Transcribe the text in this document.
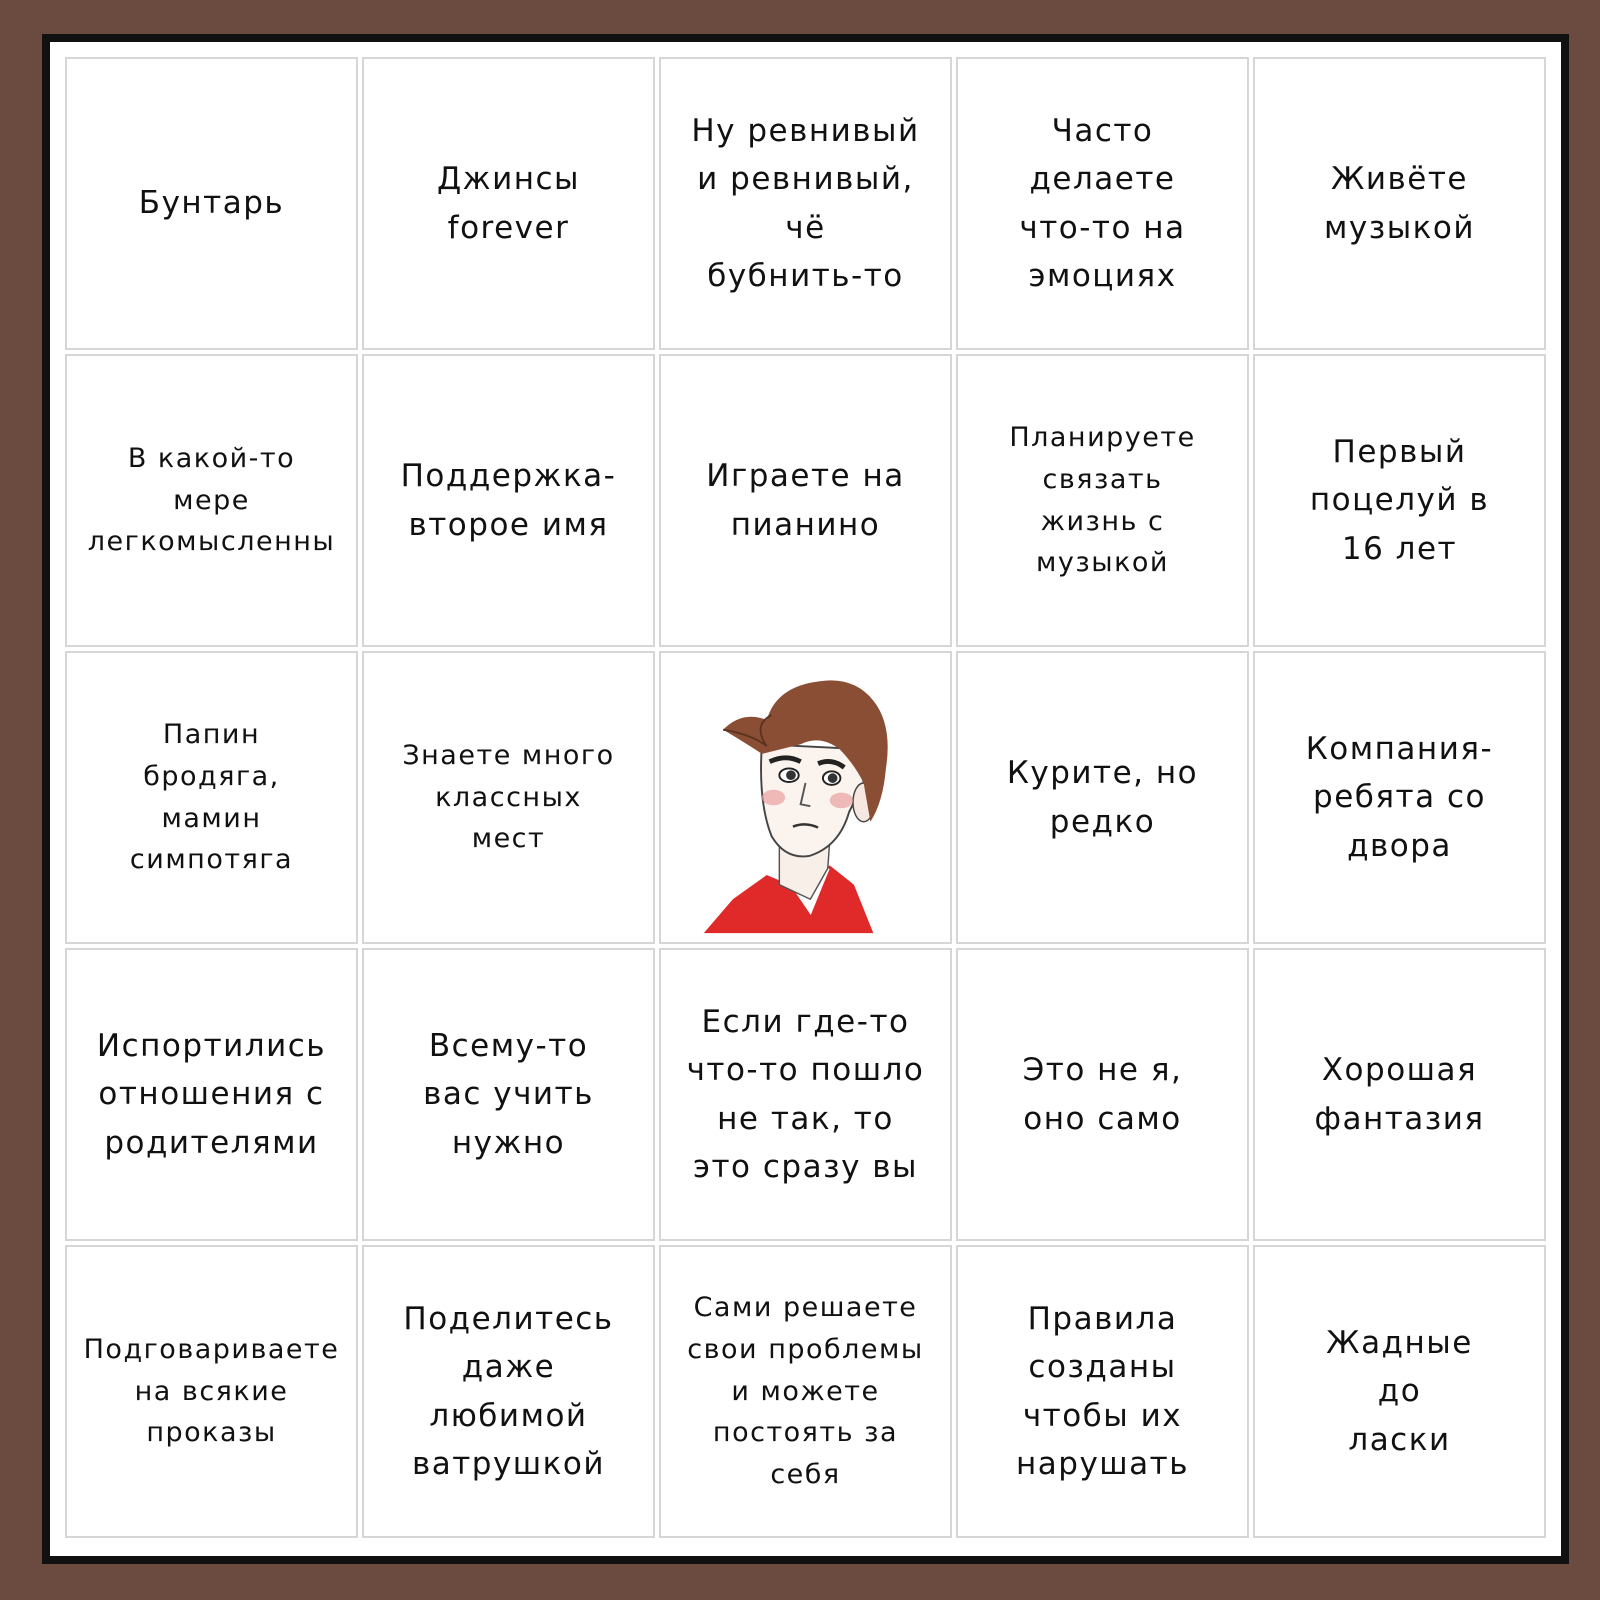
Бунтарь
Джинсы
forever
Ну ревнивый
и ревнивый,
чё
бубнить-то
Часто
делаете
что-то на
эмоциях
Живёте
музыкой
В какой-то
мере
легкомысленны
Поддержка-
второе имя
Играете на
пианино
Планируете
связать
жизнь с
музыкой
Первый
поцелуй в
16 лет
Папин
бродяга,
мамин
симпотяга
Знаете много
классных
мест
Курите, но
редко
Компания-
ребята со
двора
Испортились
отношения с
родителями
Всему-то
вас учить
нужно
Если где-то
что-то пошло
не так, то
это сразу вы
Это не я,
оно само
Хорошая
фантазия
Подговариваете
на всякие
проказы
Поделитесь
даже
любимой
ватрушкой
Сами решаете
свои проблемы
и можете
постоять за
себя
Правила
созданы
чтобы их
нарушать
Жадные
до
ласки
